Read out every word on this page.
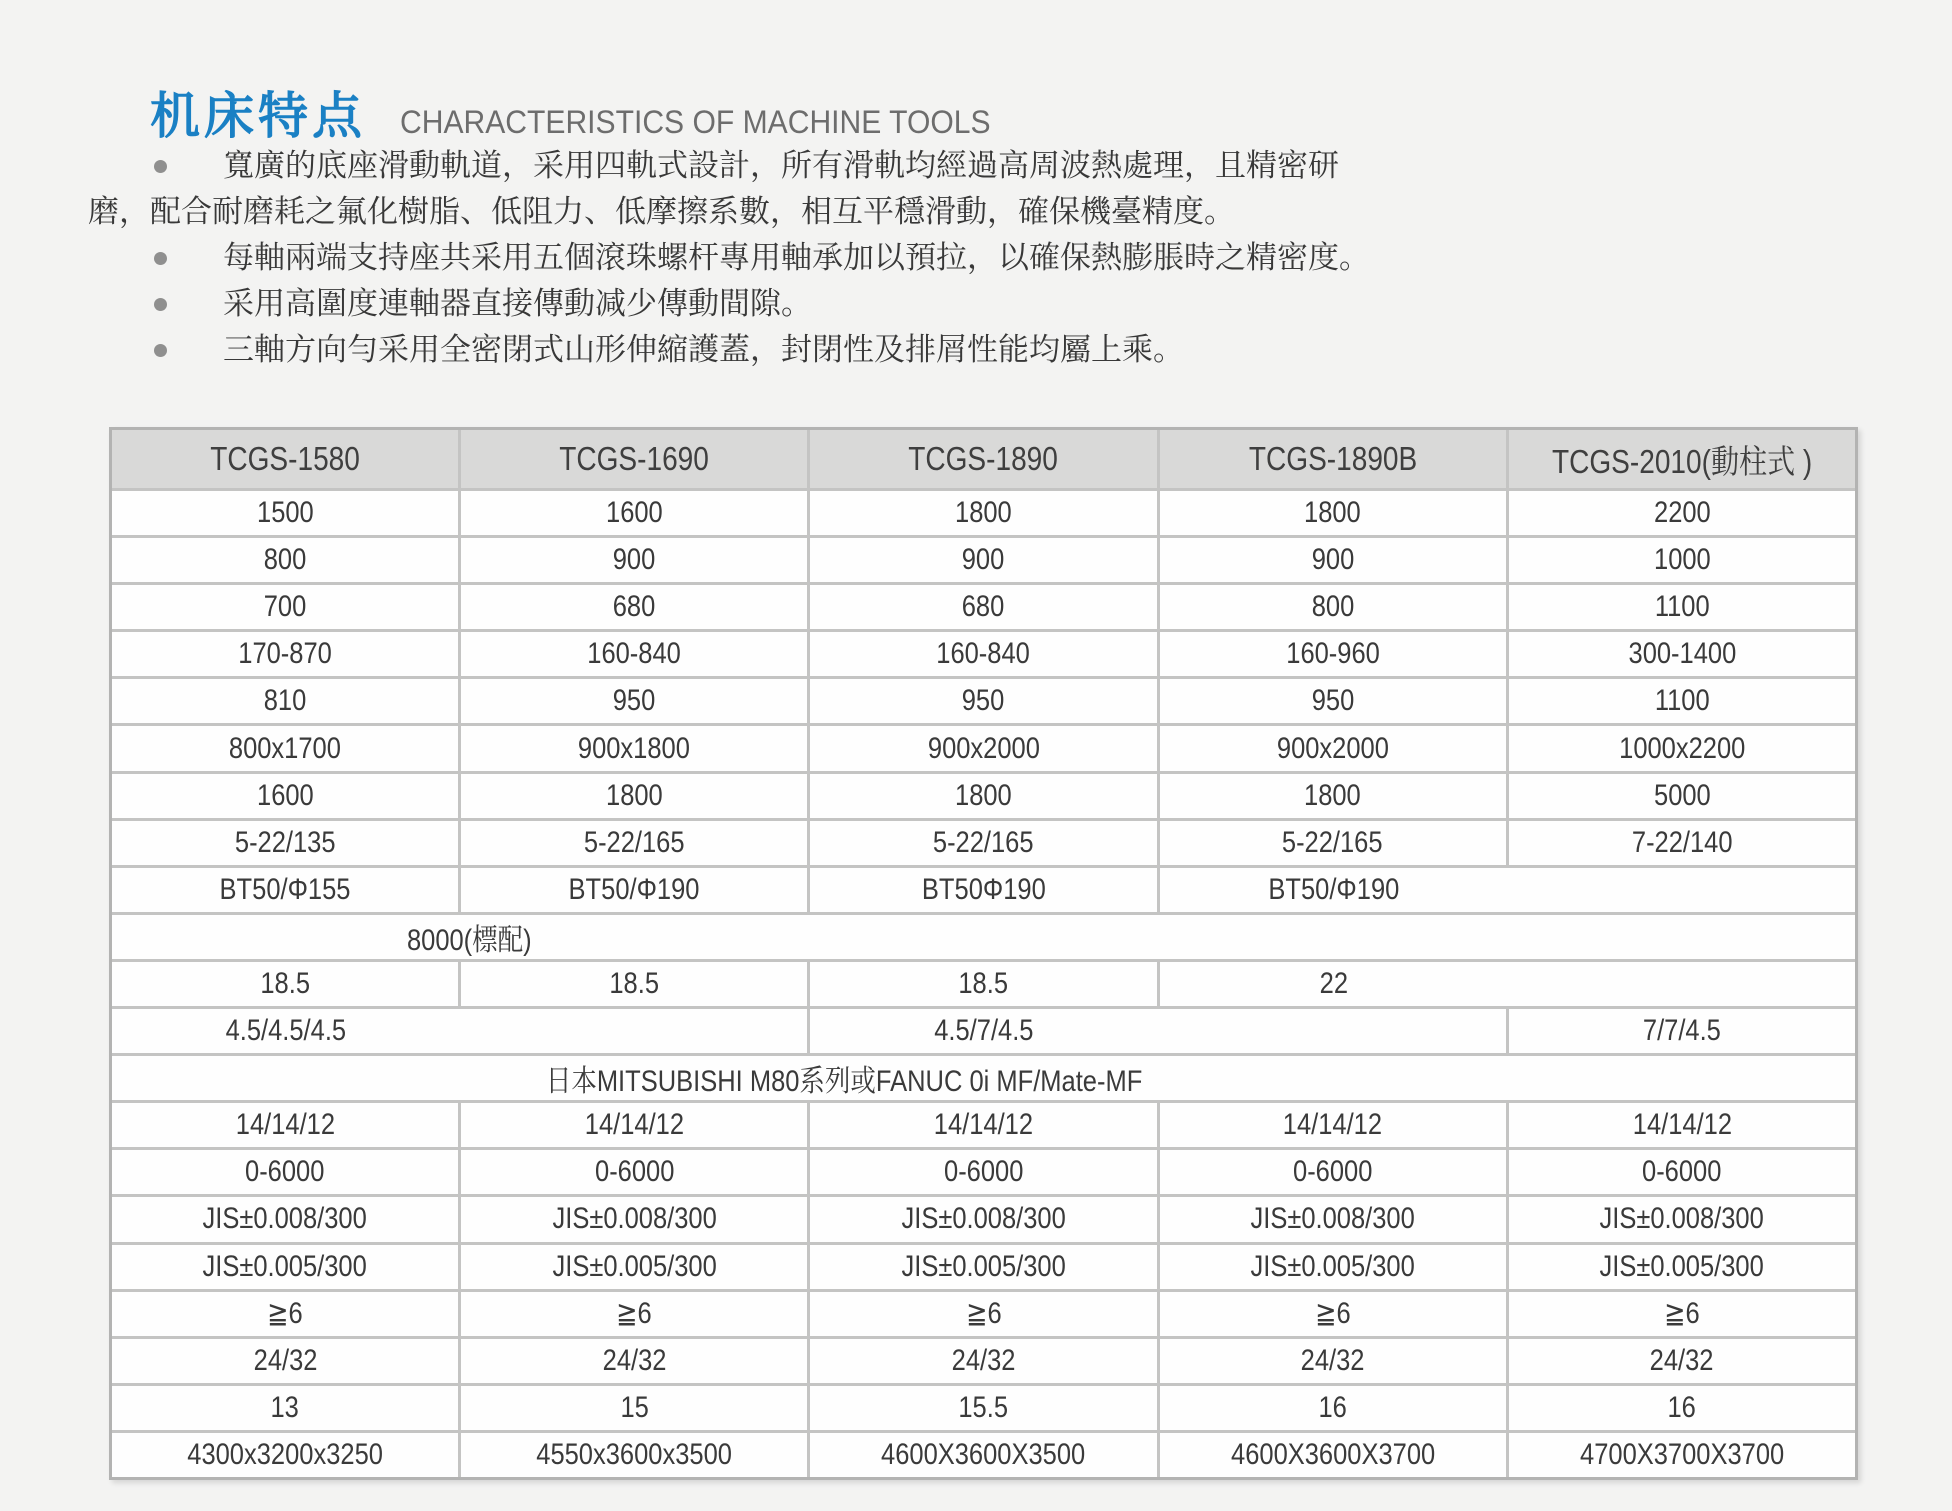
机床特点 CHARACTERISTICS OF MACHINE TOOLS
寬廣的底座滑動軌道，采用四軌式設計，所有滑軌均經過高周波熱處理，且精密研
磨，配合耐磨耗之氟化樹脂、低阻力、低摩擦系數，相互平穩滑動，確保機臺精度。
每軸兩端支持座共采用五個滾珠螺杆專用軸承加以預拉，以確保熱膨脹時之精密度。
采用高圍度連軸器直接傳動减少傳動間隙。
三軸方向勻采用全密閉式山形伸縮護蓋，封閉性及排屑性能均屬上乘。
TCGS-1580	TCGS-1690	TCGS-1890	TCGS-1890B	TCGS-2010(動柱式 )
1500	1600	1800	1800	2200
800	900	900	900	1000
700	680	680	800	1100
170-870	160-840	160-840	160-960	300-1400
810	950	950	950	1100
800x1700	900x1800	900x2000	900x2000	1000x2200
1600	1800	1800	1800	5000
5-22/135	5-22/165	5-22/165	5-22/165	7-22/140
BT50/Φ155	BT50/Φ190	BT50Φ190	BT50/Φ190
8000(標配)
18.5	18.5	18.5	22
4.5/4.5/4.5	4.5/7/4.5	7/7/4.5
日本MITSUBISHI M80系列或FANUC 0i MF/Mate-MF
14/14/12	14/14/12	14/14/12	14/14/12	14/14/12
0-6000	0-6000	0-6000	0-6000	0-6000
JIS±0.008/300	JIS±0.008/300	JIS±0.008/300	JIS±0.008/300	JIS±0.008/300
JIS±0.005/300	JIS±0.005/300	JIS±0.005/300	JIS±0.005/300	JIS±0.005/300
≧6	≧6	≧6	≧6	≧6
24/32	24/32	24/32	24/32	24/32
13	15	15.5	16	16
4300x3200x3250	4550x3600x3500	4600X3600X3500	4600X3600X3700	4700X3700X3700
